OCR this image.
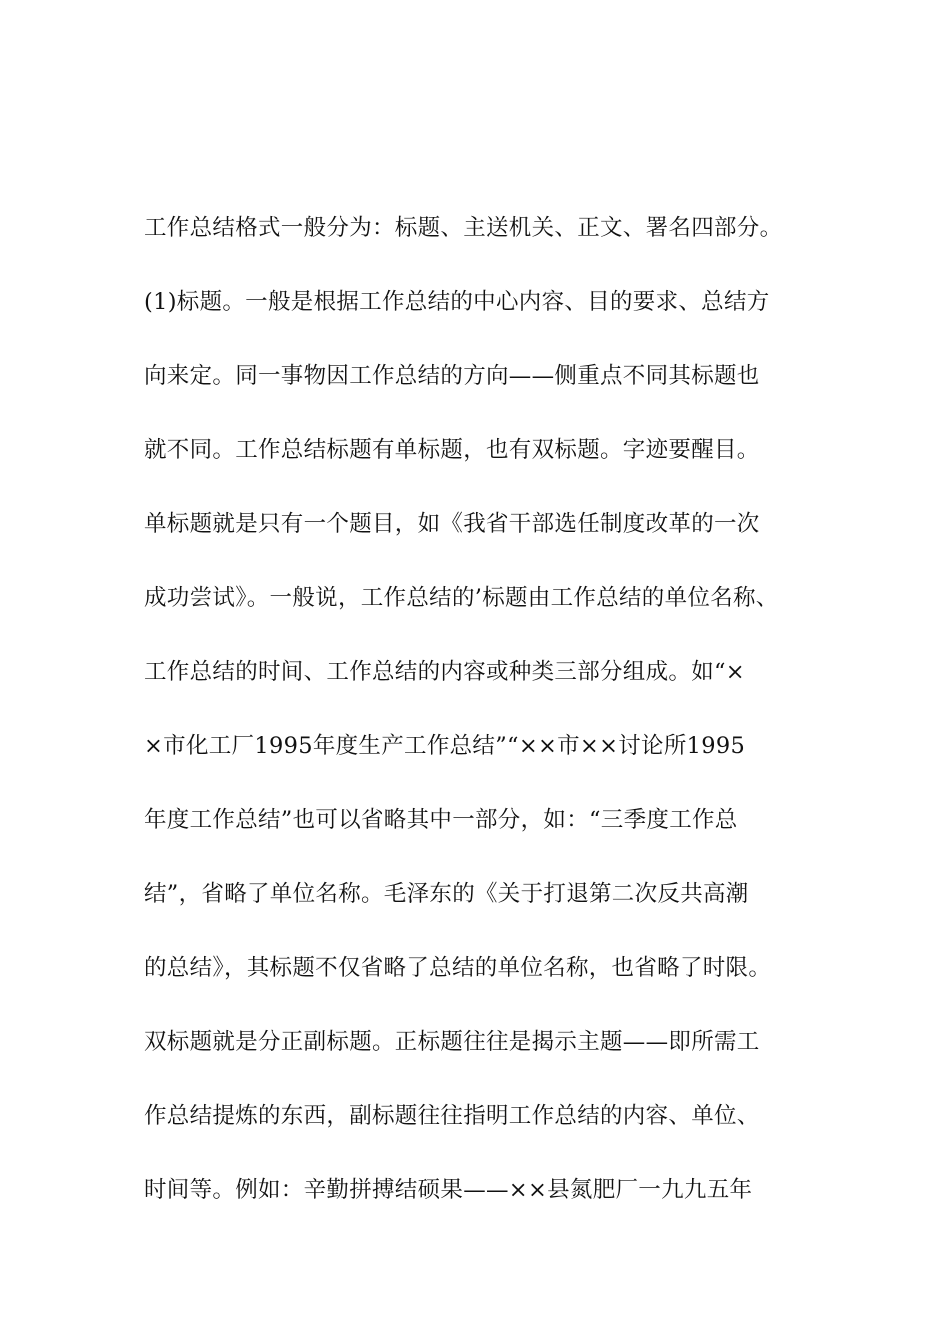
工作总结格式一般分为：标题、主送机关、正文、署名四部分。
(1)标题。一般是根据工作总结的中心内容、目的要求、总结方
向来定。同一事物因工作总结的方向——侧重点不同其标题也
就不同。工作总结标题有单标题，也有双标题。字迹要醒目。
单标题就是只有一个题目，如《我省干部选任制度改革的一次
成功尝试》。一般说，工作总结的’标题由工作总结的单位名称、
工作总结的时间、工作总结的内容或种类三部分组成。如“×
×市化工厂1995年度生产工作总结”“××市××讨论所1995
年度工作总结”也可以省略其中一部分，如：“三季度工作总
结”，省略了单位名称。毛泽东的《关于打退第二次反共高潮
的总结》，其标题不仅省略了总结的单位名称，也省略了时限。
双标题就是分正副标题。正标题往往是揭示主题——即所需工
作总结提炼的东西，副标题往往指明工作总结的内容、单位、
时间等。例如：辛勤拼搏结硕果——××县氮肥厂一九九五年
